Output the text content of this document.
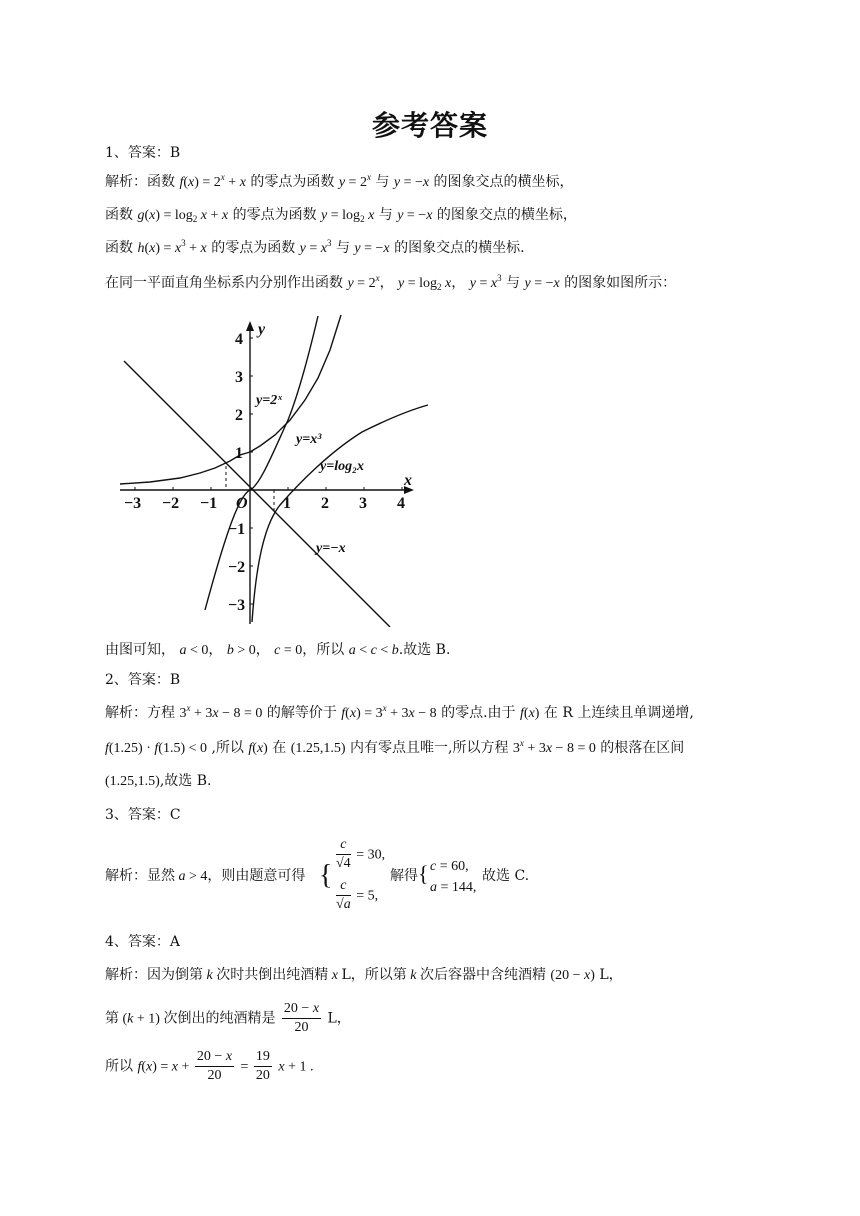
参考答案
1、答案：B
解析：函数 $f(x) = 2^x + x$ 的零点为函数 $y = 2^x$ 与 y = −x 的图象交点的横坐标，
函数 $g(x) = \log_2 x + x$ 的零点为函数 $y = \log_2 x$ 与 y = −x 的图象交点的横坐标，
函数 $h(x) = x^3 + x$ 的零点为函数 $y = x^3$ 与 y = −x 的图象交点的横坐标.
在同一平面直角坐标系内分别作出函数 $y = 2^x$， $y = \log_2 x$， $y = x^3$ 与 y = −x 的图象如图所示：
x
y
O
−3 −2 −1	1 2 3 4
4
3
2
1
−1
−2
−3
y=2ˣ
y=x³
y=log₂x
y=−x
由图可知， a < 0， b > 0， c = 0，所以 a < c < b.故选 B.
2、答案：B
解析：方程 $3^x + 3x - 8 = 0$ 的解等价于 $f(x) = 3^x + 3x - 8$ 的零点.由于 f(x) 在 R 上连续且单调递增,
f(1.25) · f(1.5) < 0 ,所以 f(x) 在 (1.25,1.5) 内有零点且唯一,所以方程 $3^x + 3x - 8 = 0$ 的根落在区间
(1.25,1.5),故选 B.
3、答案：C
解析：显然 a > 4，则由题意可得 {
$\frac{c}{√4} = 30$,
$\frac{c}{√a} = 5$,
解得 { c = 60,
a = 144,
故选 C.
4、答案：A
解析：因为倒第 k 次时共倒出纯酒精 x L，所以第 k 次后容器中含纯酒精 (20 − x) L，
第 (k + 1) 次倒出的纯酒精是 $\frac{20 - x}{20}$ L，
所以 $f(x) = x + \frac{20 - x}{20} = \frac{19}{20}$ x + 1 .
